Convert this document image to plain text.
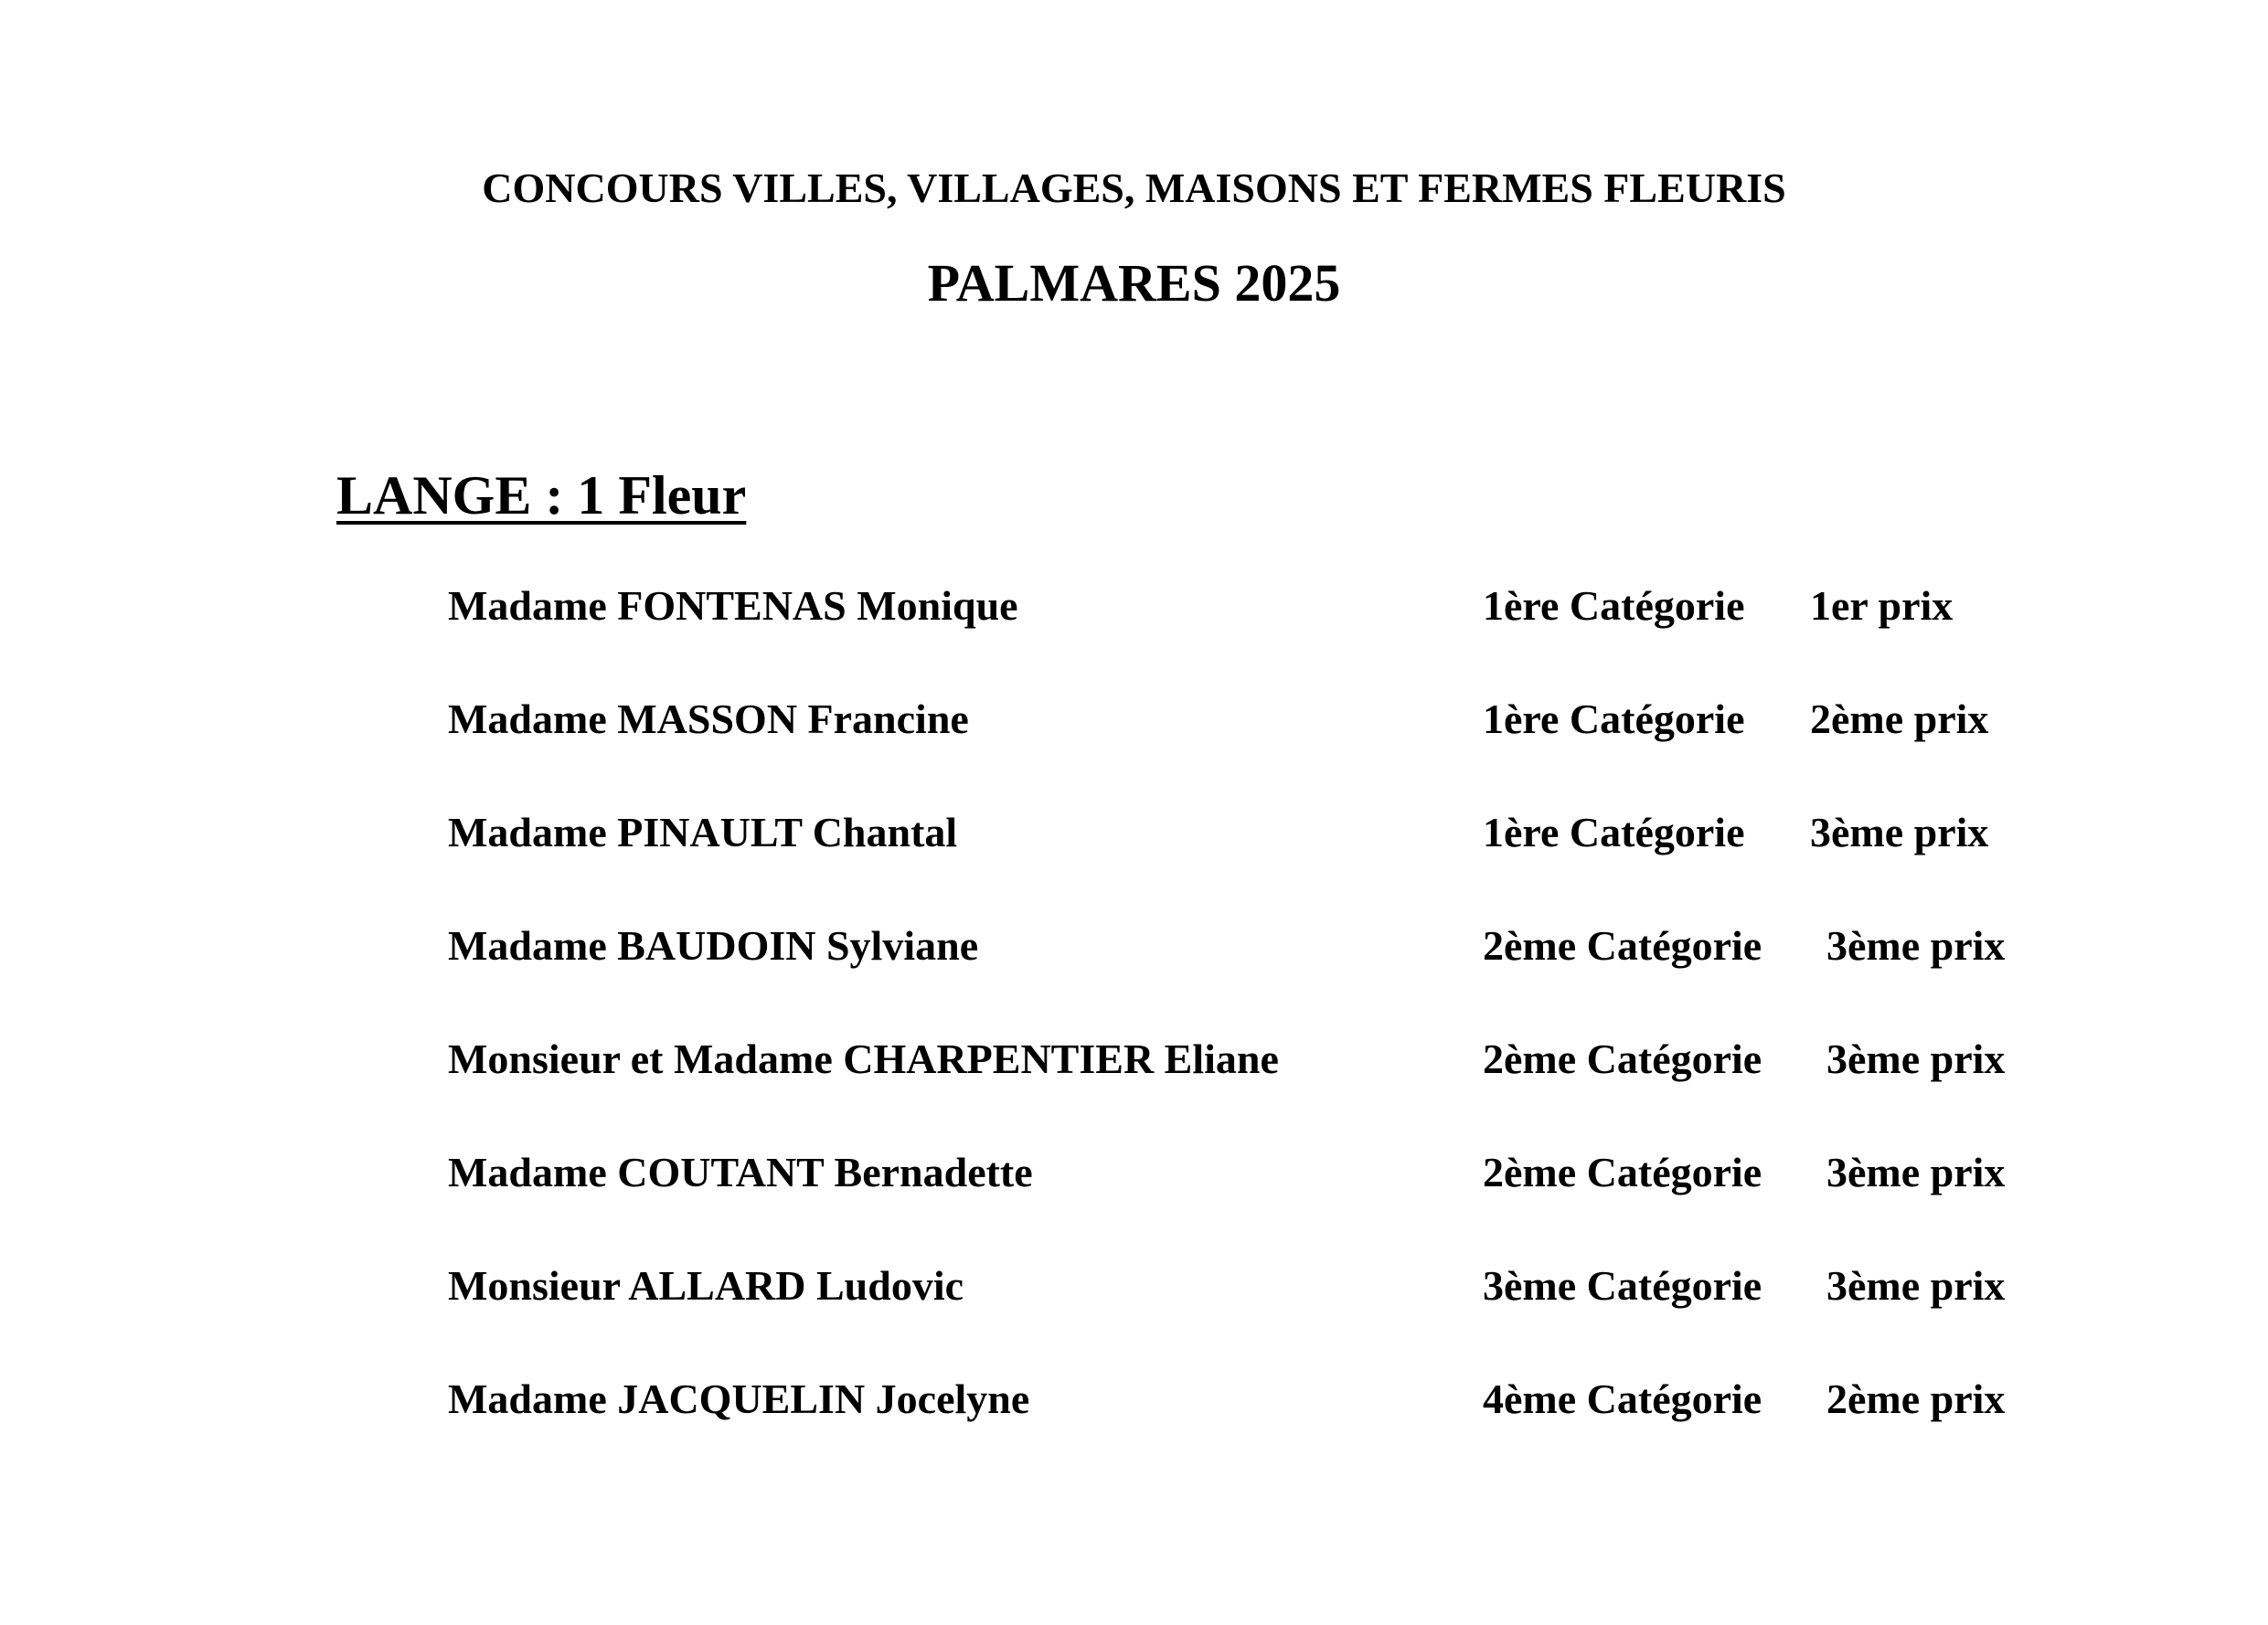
CONCOURS VILLES, VILLAGES, MAISONS ET FERMES FLEURIS
PALMARES 2025
LANGE : 1 Fleur
Madame FONTENAS Monique	1ère Catégorie 1er prix
Madame MASSON Francine	1ère Catégorie 2ème prix
Madame PINAULT Chantal	1ère Catégorie 3ème prix
Madame BAUDOIN Sylviane	2ème Catégorie 3ème prix
Monsieur et Madame CHARPENTIER Eliane	2ème Catégorie 3ème prix
Madame COUTANT Bernadette	2ème Catégorie 3ème prix
Monsieur ALLARD Ludovic	3ème Catégorie 3ème prix
Madame JACQUELIN Jocelyne	4ème Catégorie 2ème prix
